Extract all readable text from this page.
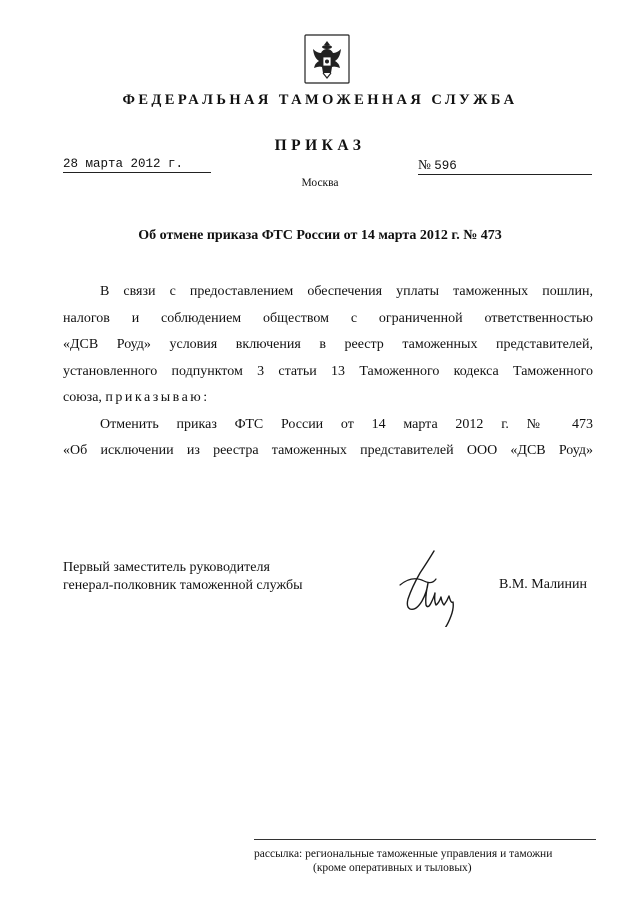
ФЕДЕРАЛЬНАЯ ТАМОЖЕННАЯ СЛУЖБА
ПРИКАЗ
28 марта 2012 г.	№ 596
Москва
Об отмене приказа ФТС России от 14 марта 2012 г. № 473
В связи с предоставлением обеспечения уплаты таможенных пошлин,
налогов и соблюдением обществом с ограниченной ответственностью
«ДСВ Роуд» условия включения в реестр таможенных представителей,
установленного подпунктом 3 статьи 13 Таможенного кодекса Таможенного
союза, приказываю:
Отменить приказ ФТС России от 14 марта 2012 г. № 473
«Об исключении из реестра таможенных представителей ООО «ДСВ Роуд»
Первый заместитель руководителя
генерал-полковник таможенной службы	В.М. Малинин
рассылка: региональные таможенные управления и таможни
(кроме оперативных и тыловых)
